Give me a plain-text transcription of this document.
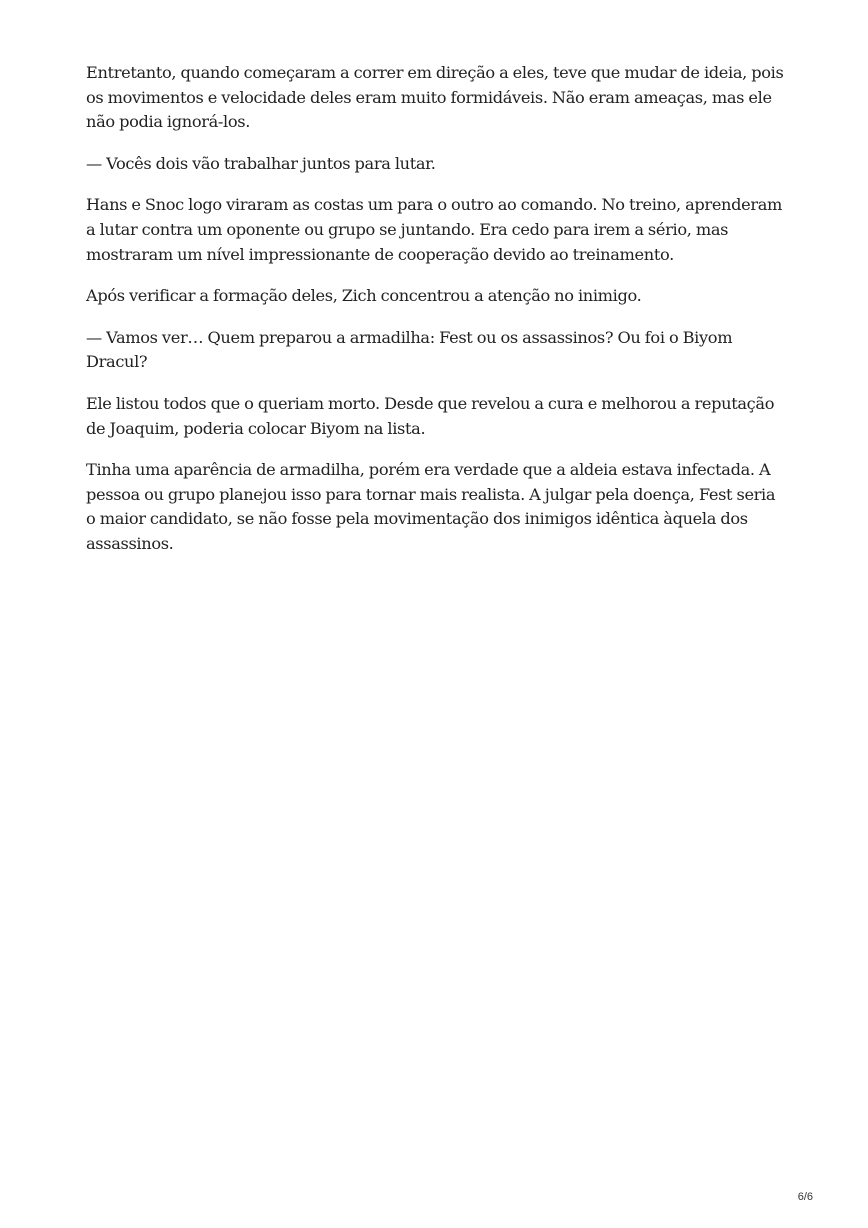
Entretanto, quando começaram a correr em direção a eles, teve que mudar de ideia, pois os movimentos e velocidade deles eram muito formidáveis. Não eram ameaças, mas ele não podia ignorá-los.

— Vocês dois vão trabalhar juntos para lutar.

Hans e Snoc logo viraram as costas um para o outro ao comando. No treino, aprenderam a lutar contra um oponente ou grupo se juntando. Era cedo para irem a sério, mas mostraram um nível impressionante de cooperação devido ao treinamento.

Após verificar a formação deles, Zich concentrou a atenção no inimigo.

— Vamos ver… Quem preparou a armadilha: Fest ou os assassinos? Ou foi o Biyom Dracul?

Ele listou todos que o queriam morto. Desde que revelou a cura e melhorou a reputação de Joaquim, poderia colocar Biyom na lista.

Tinha uma aparência de armadilha, porém era verdade que a aldeia estava infectada. A pessoa ou grupo planejou isso para tornar mais realista. A julgar pela doença, Fest seria o maior candidato, se não fosse pela movimentação dos inimigos idêntica àquela dos assassinos.

6/6
